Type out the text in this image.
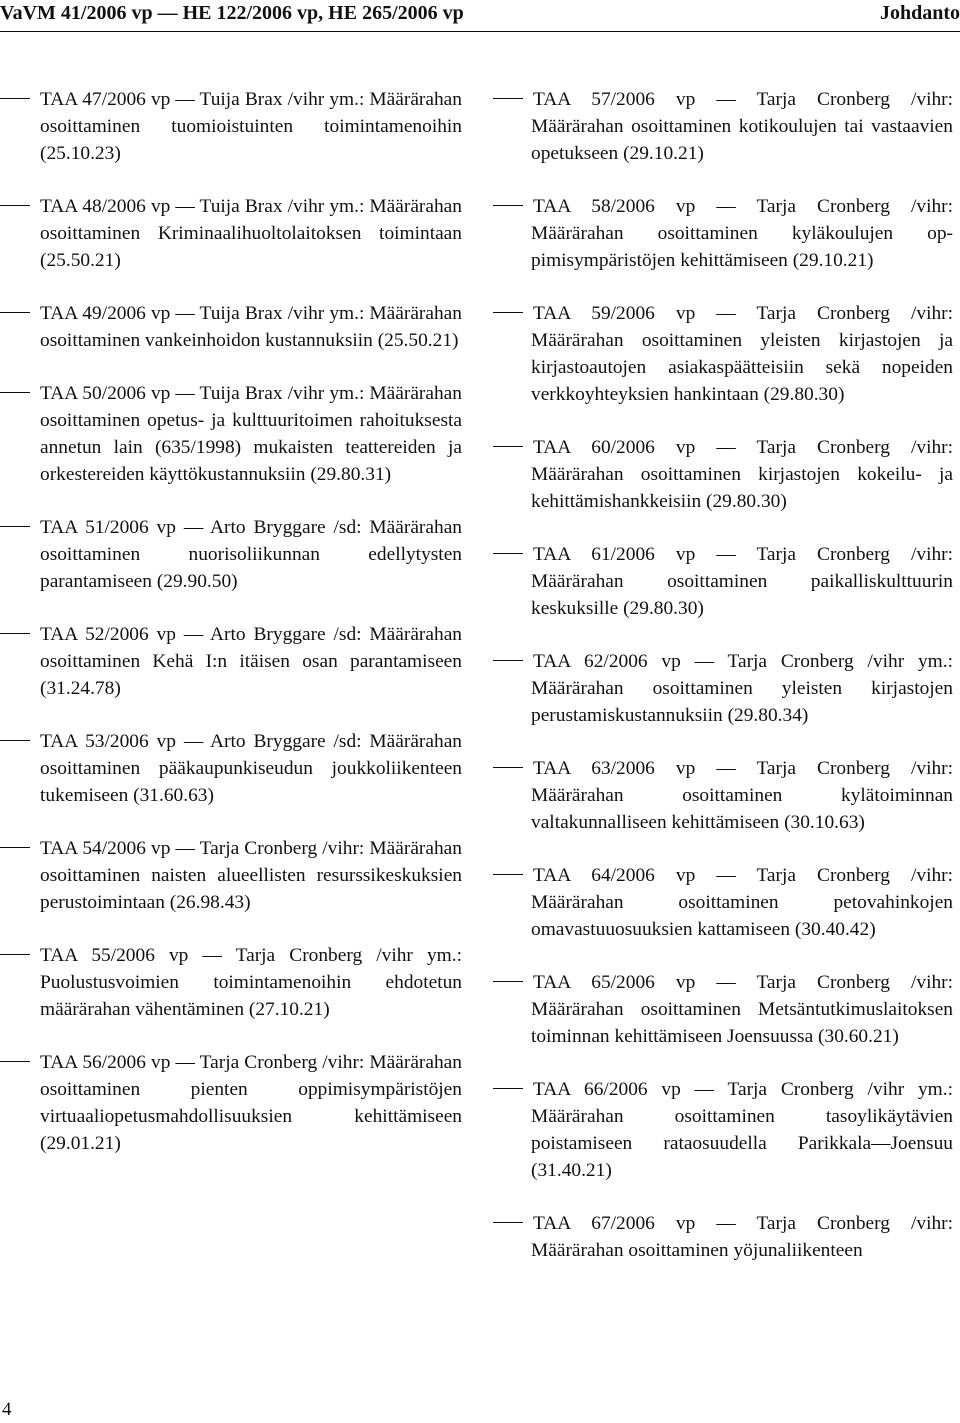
VaVM 41/2006 vp — HE 122/2006 vp, HE 265/2006 vp	Johdanto

TAA 47/2006 vp — Tuija Brax /vihr ym.: Määrärahan osoittaminen tuomioistuinten toimintamenoihin (25.10.23)

TAA 48/2006 vp — Tuija Brax /vihr ym.: Määrärahan osoittaminen Kriminaalihuoltolaitoksen toimintaan (25.50.21)

TAA 49/2006 vp — Tuija Brax /vihr ym.: Määrärahan osoittaminen vankeinhoidon kustannuksiin (25.50.21)

TAA 50/2006 vp — Tuija Brax /vihr ym.: Määrärahan osoittaminen opetus- ja kulttuuritoimen rahoituksesta annetun lain (635/1998) mukaisten teattereiden ja orkestereiden käyttökustannuksiin (29.80.31)

TAA 51/2006 vp — Arto Bryggare /sd: Määrärahan osoittaminen nuorisoliikunnan edellytysten parantamiseen (29.90.50)

TAA 52/2006 vp — Arto Bryggare /sd: Määrärahan osoittaminen Kehä I:n itäisen osan parantamiseen (31.24.78)

TAA 53/2006 vp — Arto Bryggare /sd: Määrärahan osoittaminen pääkaupunkiseudun joukkoliikenteen tukemiseen (31.60.63)

TAA 54/2006 vp — Tarja Cronberg /vihr: Määrärahan osoittaminen naisten alueellisten resurssikeskuksien perustoimintaan (26.98.43)

TAA 55/2006 vp — Tarja Cronberg /vihr ym.: Puolustusvoimien toimintamenoihin ehdotetun määrärahan vähentäminen (27.10.21)

TAA 56/2006 vp — Tarja Cronberg /vihr: Määrärahan osoittaminen pienten oppimisympäristöjen virtuaaliopetusmahdollisuuksien kehittämiseen (29.01.21)

TAA 57/2006 vp — Tarja Cronberg /vihr: Määrärahan osoittaminen kotikoulujen tai vastaavien opetukseen (29.10.21)

TAA 58/2006 vp — Tarja Cronberg /vihr: Määrärahan osoittaminen kyläkoulujen oppimisympäristöjen kehittämiseen (29.10.21)

TAA 59/2006 vp — Tarja Cronberg /vihr: Määrärahan osoittaminen yleisten kirjastojen ja kirjastoautojen asiakaspäätteisiin sekä nopeiden verkkoyhteyksien hankintaan (29.80.30)

TAA 60/2006 vp — Tarja Cronberg /vihr: Määrärahan osoittaminen kirjastojen kokeilu- ja kehittämishankkeisiin (29.80.30)

TAA 61/2006 vp — Tarja Cronberg /vihr: Määrärahan osoittaminen paikalliskulttuurin keskuksille (29.80.30)

TAA 62/2006 vp — Tarja Cronberg /vihr ym.: Määrärahan osoittaminen yleisten kirjastojen perustamiskustannuksiin (29.80.34)

TAA 63/2006 vp — Tarja Cronberg /vihr: Määrärahan osoittaminen kylätoiminnan valtakunnalliseen kehittämiseen (30.10.63)

TAA 64/2006 vp — Tarja Cronberg /vihr: Määrärahan osoittaminen petovahinkojen omavastuuosuuksien kattamiseen (30.40.42)

TAA 65/2006 vp — Tarja Cronberg /vihr: Määrärahan osoittaminen Metsäntutkimuslaitoksen toiminnan kehittämiseen Joensuussa (30.60.21)

TAA 66/2006 vp — Tarja Cronberg /vihr ym.: Määrärahan osoittaminen tasoylikäytävien poistamiseen rataosuudella Parikkala—Joensuu (31.40.21)

TAA 67/2006 vp — Tarja Cronberg /vihr: Määrärahan osoittaminen yöjunaliikenteen

4
